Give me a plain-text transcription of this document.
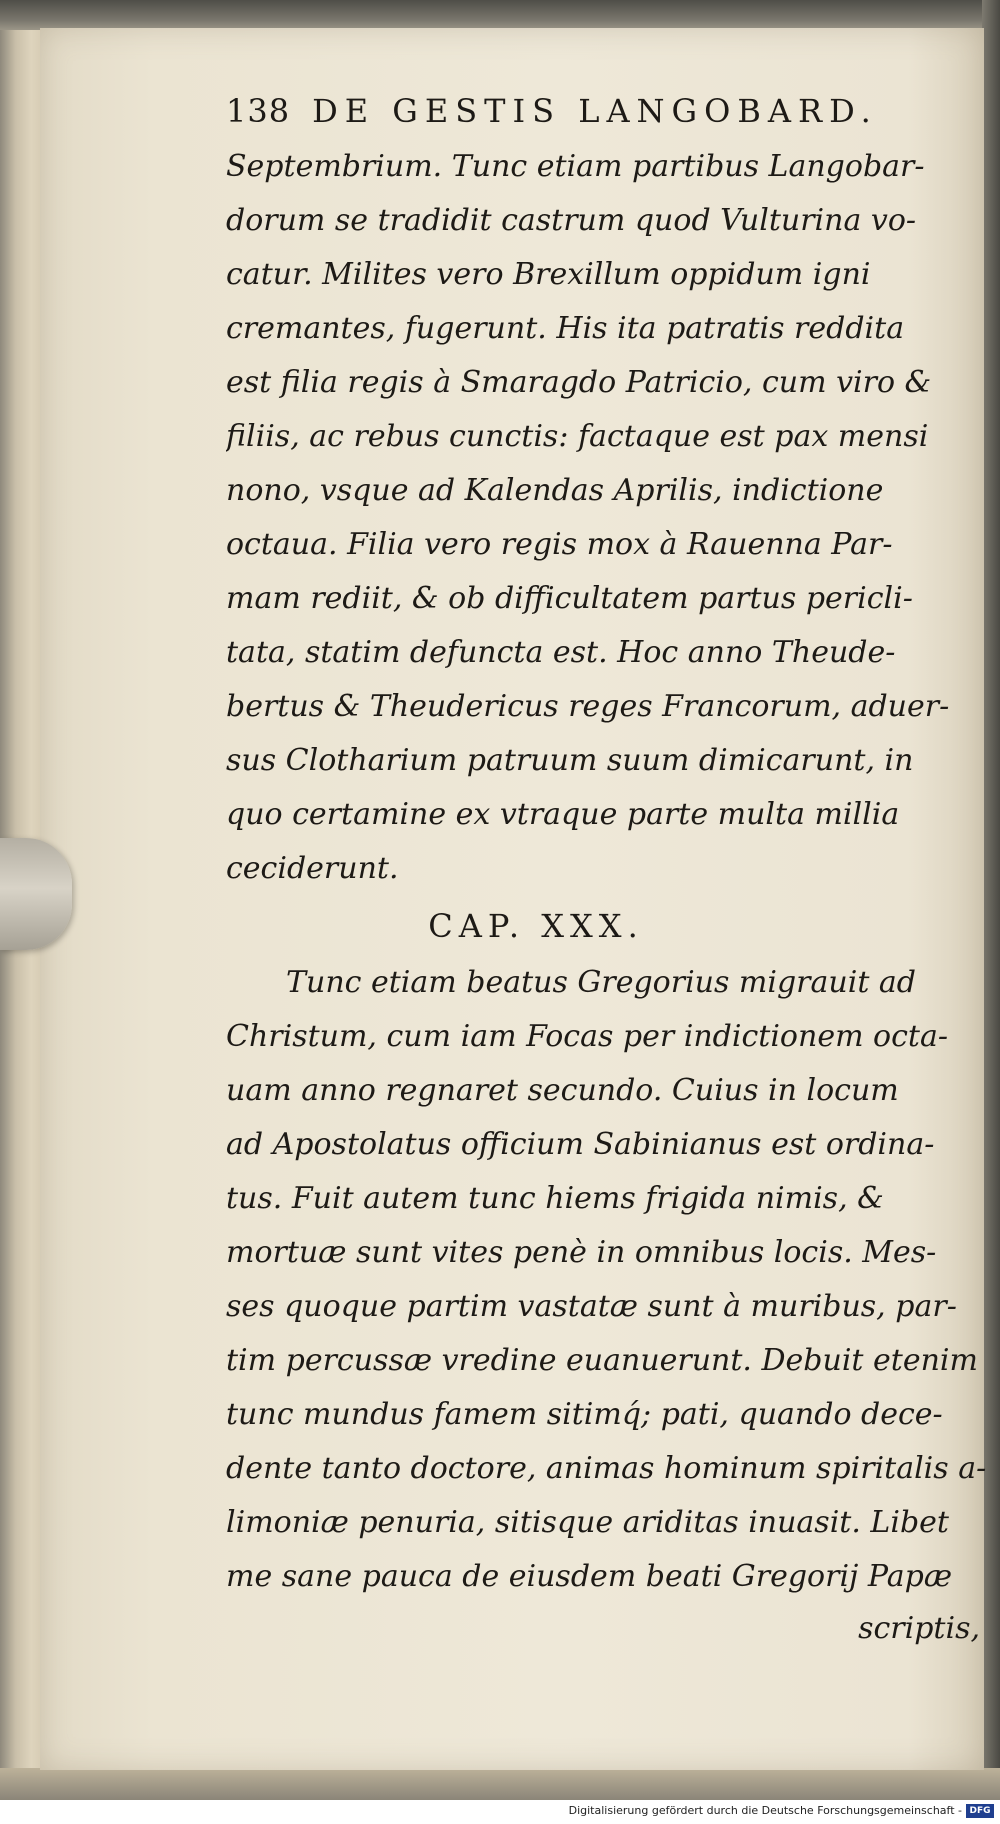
138 DE GESTIS LANGOBARD.
Septembrium. Tunc etiam partibus Langobar-
dorum se tradidit castrum quod Vulturina vo-
catur. Milites vero Brexillum oppidum igni
cremantes, fugerunt. His ita patratis reddita
est filia regis à Smaragdo Patricio, cum viro &
filiis, ac rebus cunctis: factaque est pax mensi
nono, vsque ad Kalendas Aprilis, indictione
octaua. Filia vero regis mox à Rauenna Par-
mam rediit, & ob difficultatem partus pericli-
tata, statim defuncta est. Hoc anno Theude-
bertus & Theudericus reges Francorum, aduer-
sus Clotharium patruum suum dimicarunt, in
quo certamine ex vtraque parte multa millia
ceciderunt.
CAP. XXX.
Tunc etiam beatus Gregorius migrauit ad
Christum, cum iam Focas per indictionem octa-
uam anno regnaret secundo. Cuius in locum
ad Apostolatus officium Sabinianus est ordina-
tus. Fuit autem tunc hiems frigida nimis, &
mortuæ sunt vites penè in omnibus locis. Mes-
ses quoque partim vastatæ sunt à muribus, par-
tim percussæ vredine euanuerunt. Debuit etenim
tunc mundus famem sitimq́; pati, quando dece-
dente tanto doctore, animas hominum spiritalis a-
limoniæ penuria, sitisque ariditas inuasit. Libet
me sane pauca de eiusdem beati Gregorij Papæ
scriptis,
Digitalisierung gefördert durch die Deutsche Forschungsgemeinschaft - DFG
